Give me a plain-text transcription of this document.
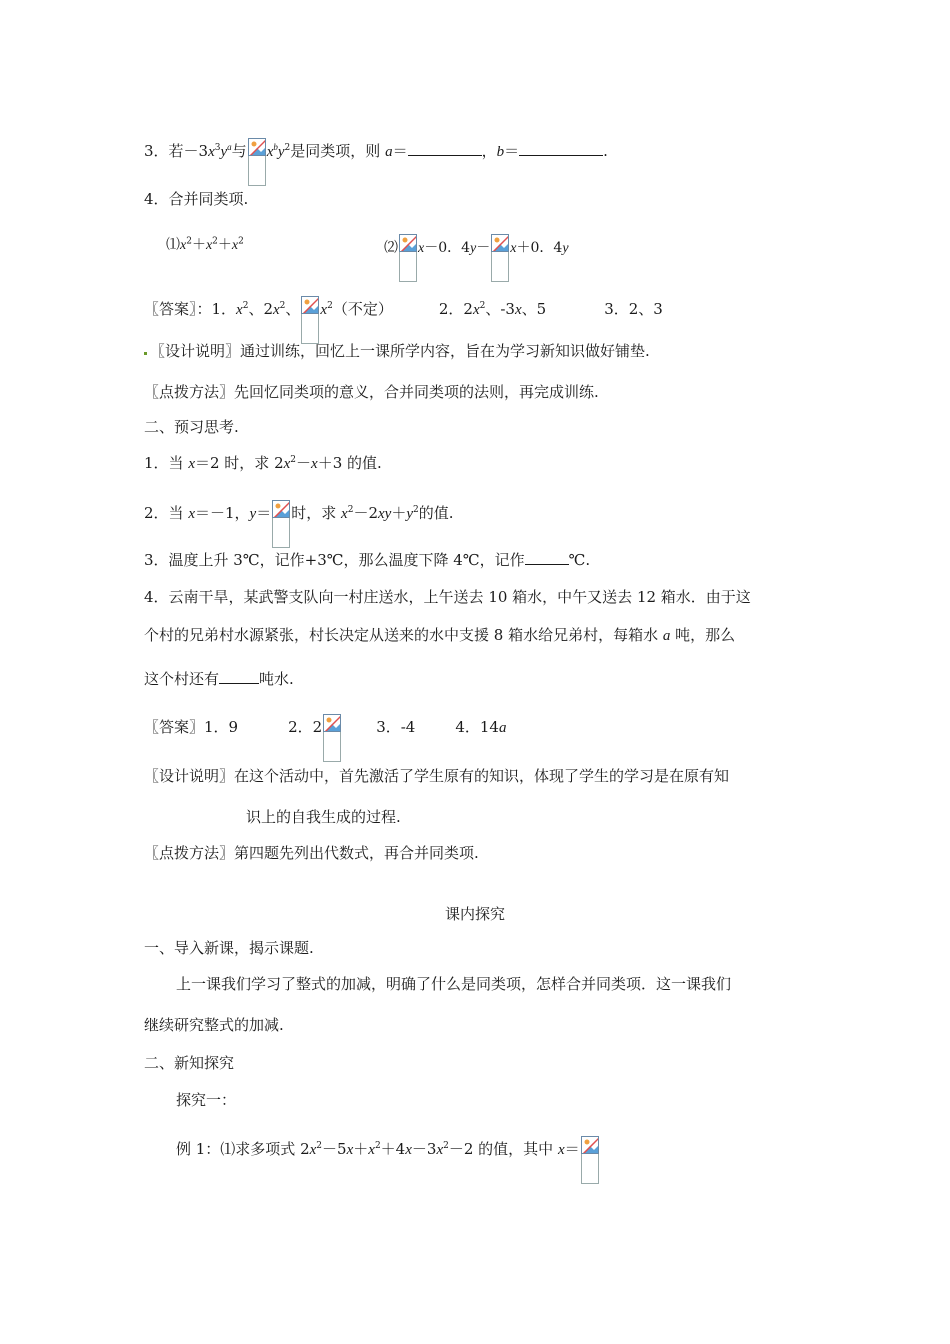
3．若$-3x^3y^a$与 $x^by^2$是同类项，则 a＝	，b＝	.
4．合并同类项.
$⑴x^2+x^2+x^2$	⑵ x－0．4y－ x＋0．4y
〖答案〗：1．$x^2$、$2x^2$、 $x^2$（不定）	2．$2x^2$、-3x、5	3．2、3
〖设计说明〗通过训练，回忆上一课所学内容，旨在为学习新知识做好铺垫.
〖点拨方法〗先回忆同类项的意义，合并同类项的法则，再完成训练.
二、预习思考.
1．当 x＝2 时，求 $2x^2-x+3$ 的值.
2．当 x＝－1，y＝ 时，求 $x^2-2xy+y^2$的值.
3．温度上升 3℃，记作+3℃，那么温度下降 4℃，记作	℃.
4．云南干旱，某武警支队向一村庄送水，上午送去 10 箱水，中午又送去 12 箱水．由于这
个村的兄弟村水源紧张，村长决定从送来的水中支援 8 箱水给兄弟村，每箱水 a 吨，那么
这个村还有	吨水.
〖答案〗1．9	2．2	3．-4	4．14a
〖设计说明〗在这个活动中，首先激活了学生原有的知识，体现了学生的学习是在原有知
识上的自我生成的过程.
〖点拨方法〗第四题先列出代数式，再合并同类项.
课内探究
一、导入新课，揭示课题.
上一课我们学习了整式的加减，明确了什么是同类项，怎样合并同类项．这一课我们
继续研究整式的加减.
二、新知探究
探究一：
例 1：⑴求多项式 $2x^2-5x+x^2+4x-3x^2-2$ 的值，其中 x＝
